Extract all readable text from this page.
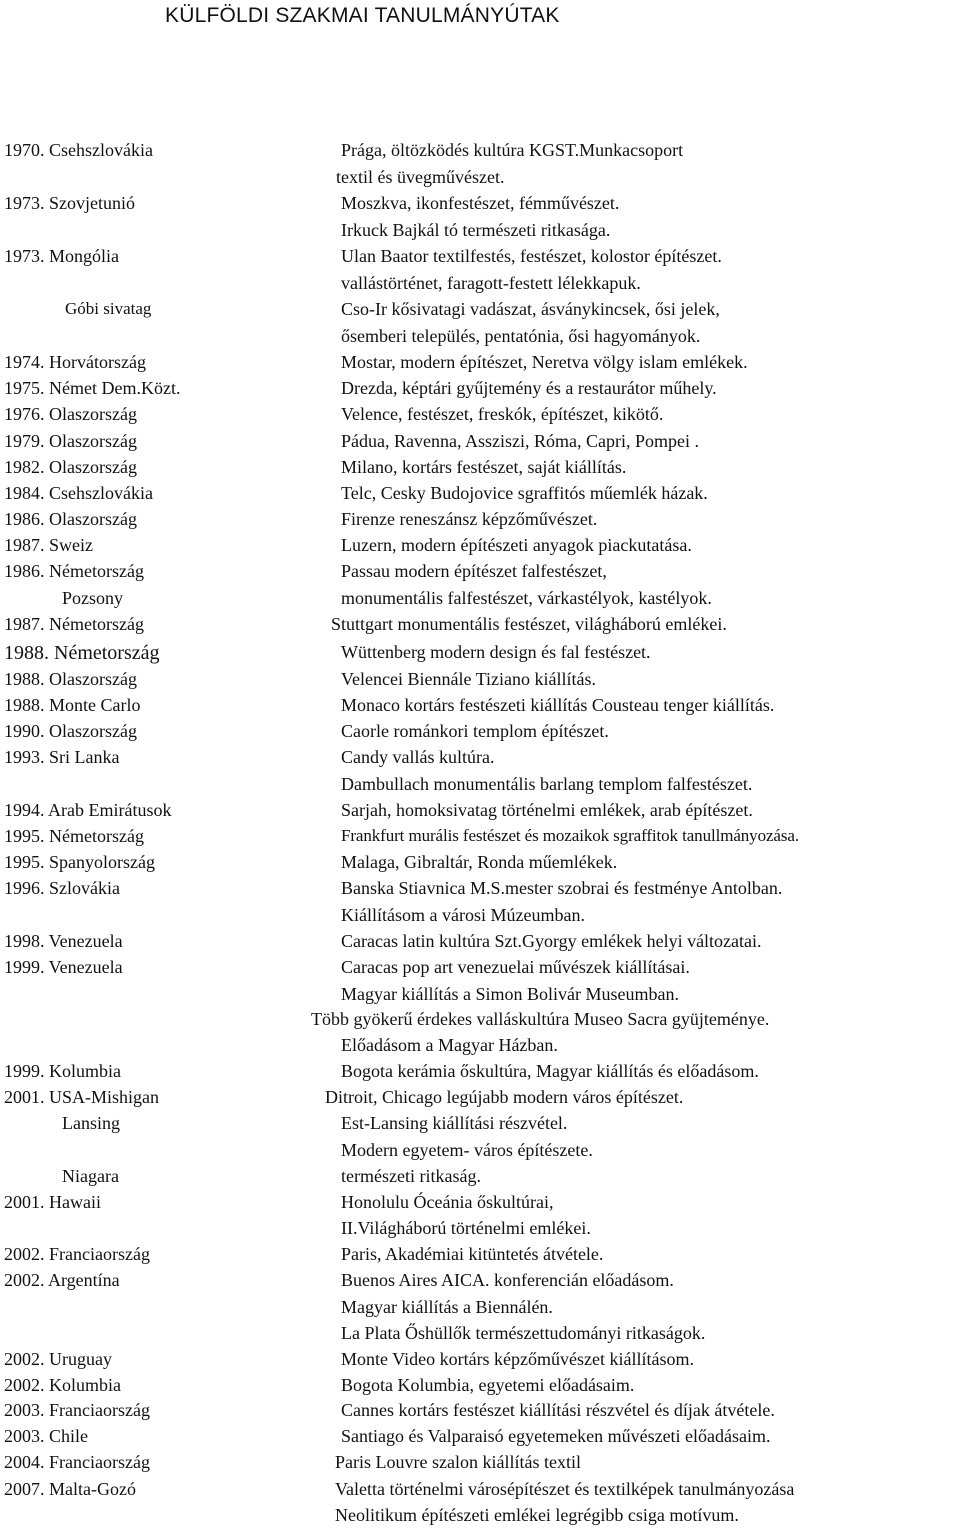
KÜLFÖLDI SZAKMAI TANULMÁNYÚTAK
1970. Csehszlovákia	Prága, öltözködés kultúra KGST.Munkacsoport
textil és üvegművészet.
1973. Szovjetunió	Moszkva, ikonfestészet, fémművészet.
Irkuck Bajkál tó természeti ritkasága.
1973. Mongólia	Ulan Baator textilfestés, festészet, kolostor építészet.
vallástörténet, faragott-festett lélekkapuk.
Góbi sivatag	Cso-Ir kősivatagi vadászat, ásványkincsek, ősi jelek,
ősemberi település, pentatónia, ősi hagyományok.
1974. Horvátország	Mostar, modern építészet, Neretva völgy islam emlékek.
1975. Német Dem.Közt.	Drezda, képtári gyűjtemény és a restaurátor műhely.
1976. Olaszország	Velence, festészet, freskók, építészet, kikötő.
1979. Olaszország	Pádua, Ravenna, Assziszi, Róma, Capri, Pompei .
1982. Olaszország	Milano, kortárs festészet, saját kiállítás.
1984. Csehszlovákia	Telc, Cesky Budojovice sgraffitós műemlék házak.
1986. Olaszország	Firenze reneszánsz képzőművészet.
1987. Sweiz	Luzern, modern építészeti anyagok piackutatása.
1986. Németország	Passau modern építészet falfestészet,
Pozsony	monumentális falfestészet, várkastélyok, kastélyok.
1987. Németország	Stuttgart monumentális festészet, világháború emlékei.
1988. Németország	Wüttenberg modern design és fal festészet.
1988. Olaszország	Velencei Biennále Tiziano kiállítás.
1988. Monte Carlo	Monaco kortárs festészeti kiállítás Cousteau tenger kiállítás.
1990. Olaszország	Caorle románkori templom építészet.
1993. Sri Lanka	Candy vallás kultúra.
Dambullach monumentális barlang templom falfestészet.
1994. Arab Emirátusok	Sarjah, homoksivatag történelmi emlékek, arab építészet.
1995. Németország	Frankfurt murális festészet és mozaikok sgraffitok tanullmányozása.
1995. Spanyolország	Malaga, Gibraltár, Ronda műemlékek.
1996. Szlovákia	Banska Stiavnica M.S.mester szobrai és festménye Antolban.
Kiállításom a városi Múzeumban.
1998. Venezuela	Caracas latin kultúra Szt.Gyorgy emlékek helyi változatai.
1999. Venezuela	Caracas pop art venezuelai művészek kiállításai.
Magyar kiállítás a Simon Bolivár Museumban.
Több gyökerű érdekes valláskultúra Museo Sacra gyüjteménye.
Előadásom a Magyar Házban.
1999. Kolumbia	Bogota kerámia őskultúra, Magyar kiállítás és előadásom.
2001. USA-Mishigan	Ditroit, Chicago legújabb modern város építészet.
Lansing	Est-Lansing kiállítási részvétel.
Modern egyetem- város építészete.
Niagara	természeti ritkaság.
2001. Hawaii	Honolulu Óceánia őskultúrai,
II.Világháború történelmi emlékei.
2002. Franciaország	Paris, Akadémiai kitüntetés átvétele.
2002. Argentína	Buenos Aires AICA. konferencián előadásom.
Magyar kiállítás a Biennálén.
La Plata Őshüllők természettudományi ritkaságok.
2002. Uruguay	Monte Video kortárs képzőművészet kiállításom.
2002. Kolumbia	Bogota Kolumbia, egyetemi előadásaim.
2003. Franciaország	Cannes kortárs festészet kiállítási részvétel és díjak átvétele.
2003. Chile	Santiago és Valparaisó egyetemeken művészeti előadásaim.
2004. Franciaország	Paris Louvre szalon kiállítás textil
2007. Malta-Gozó	Valetta történelmi városépítészet és textilképek tanulmányozása
Neolitikum építészeti emlékei legrégibb csiga motívum.
